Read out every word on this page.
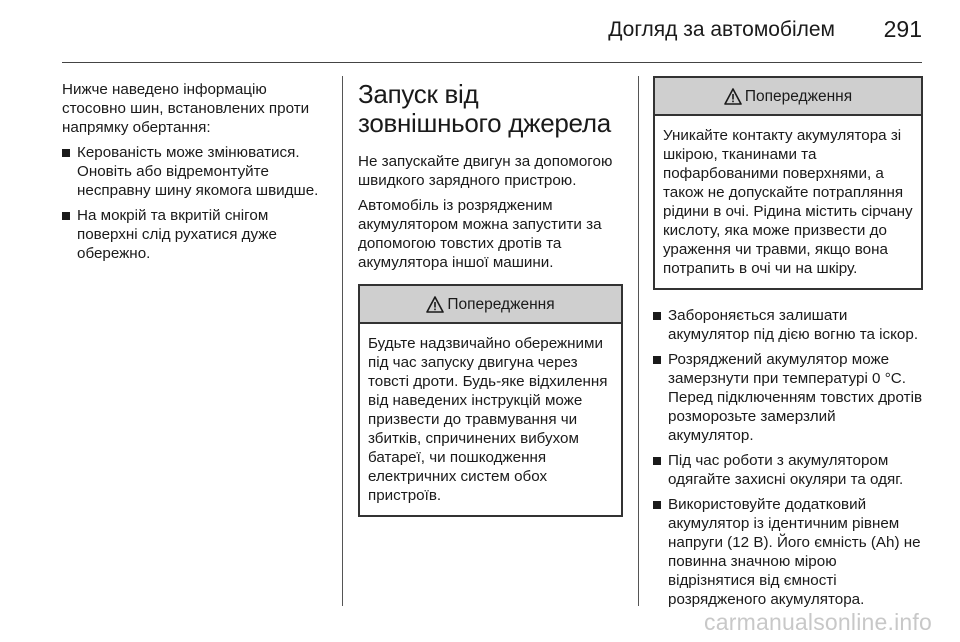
Догляд за автомобілем 291

Нижче наведено інформацію стосовно шин, встановлених проти напрямку обертання:

Керованість може змінюватися. Оновіть або відремонтуйте несправну шину якомога швидше.
На мокрій та вкритій снігом поверхні слід рухатися дуже обережно.
Запуск від зовнішнього джерела

Не запускайте двигун за допомогою швидкого зарядного пристрою.

Автомобіль із розрядженим акумулятором можна запустити за допомогою товстих дротів та акумулятора іншої машини.

Попередження
Будьте надзвичайно обережними під час запуску двигуна через товсті дроти. Будь-яке відхилення від наведених інструкцій може призвести до травмування чи збитків, спричинених вибухом батареї, чи пошкодження електричних систем обох пристроїв.
Попередження
Уникайте контакту акумулятора зі шкірою, тканинами та пофарбованими поверхнями, а також не допускайте потрапляння рідини в очі. Рідина містить сірчану кислоту, яка може призвести до ураження чи травми, якщо вона потрапить в очі чи на шкіру.
Забороняється залишати акумулятор під дією вогню та іскор.
Розряджений акумулятор може замерзнути при температурі 0 °C. Перед підключенням товстих дротів розморозьте замерзлий акумулятор.
Під час роботи з акумулятором одягайте захисні окуляри та одяг.
Використовуйте додатковий акумулятор із ідентичним рівнем напруги (12 В). Його ємність (Ah) не повинна значною мірою відрізнятися від ємності розрядженого акумулятора.
carmanualsonline.info
